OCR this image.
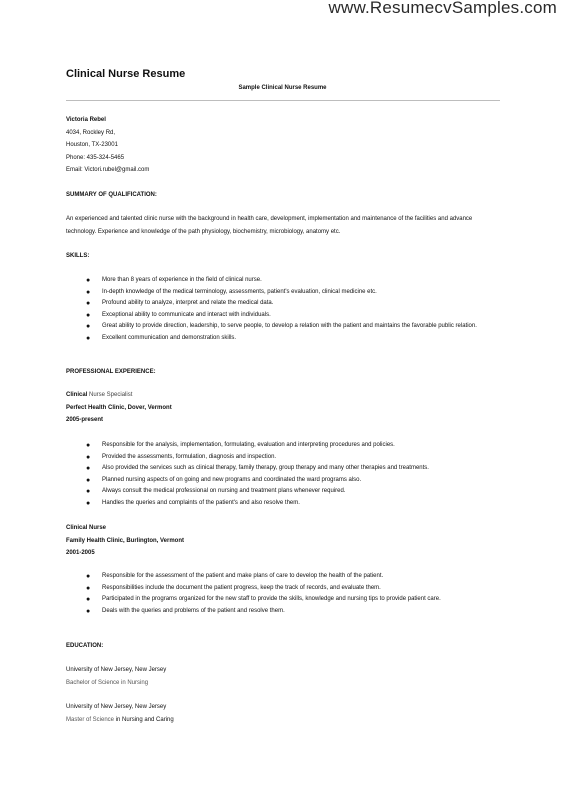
www.ResumecvSamples.com
Clinical Nurse Resume
Sample Clinical Nurse Resume
Victoria Rebel
4034, Rockley Rd,
Houston, TX-23001
Phone: 435-324-5465
Email: Victori.rubel@gmail.com
SUMMARY OF QUALIFICATION:
An experienced and talented clinic nurse with the background in health care, development, implementation and maintenance of the facilities and advance technology. Experience and knowledge of the path physiology, biochemistry, microbiology, anatomy etc.
SKILLS:
● More than 8 years of experience in the field of clinical nurse.
● In-depth knowledge of the medical terminology, assessments, patient's evaluation, clinical medicine etc.
● Profound ability to analyze, interpret and relate the medical data.
● Exceptional ability to communicate and interact with individuals.
● Great ability to provide direction, leadership, to serve people, to develop a relation with the patient and maintains the favorable public relation.
● Excellent communication and demonstration skills.
PROFESSIONAL EXPERIENCE:
Clinical Nurse Specialist
Perfect Health Clinic, Dover, Vermont
2005-present
● Responsible for the analysis, implementation, formulating, evaluation and interpreting procedures and policies.
● Provided the assessments, formulation, diagnosis and inspection.
● Also provided the services such as clinical therapy, family therapy, group therapy and many other therapies and treatments.
● Planned nursing aspects of on going and new programs and coordinated the ward programs also.
● Always consult the medical professional on nursing and treatment plans whenever required.
● Handles the queries and complaints of the patient's and also resolve them.
Clinical Nurse
Family Health Clinic, Burlington, Vermont
2001-2005
● Responsible for the assessment of the patient and make plans of care to develop the health of the patient.
● Responsibilities include the document the patient progress, keep the track of records, and evaluate them.
● Participated in the programs organized for the new staff to provide the skills, knowledge and nursing tips to provide patient care.
● Deals with the queries and problems of the patient and resolve them.
EDUCATION:
University of New Jersey, New Jersey
Bachelor of Science in Nursing
University of New Jersey, New Jersey
Master of Science in Nursing and Caring
